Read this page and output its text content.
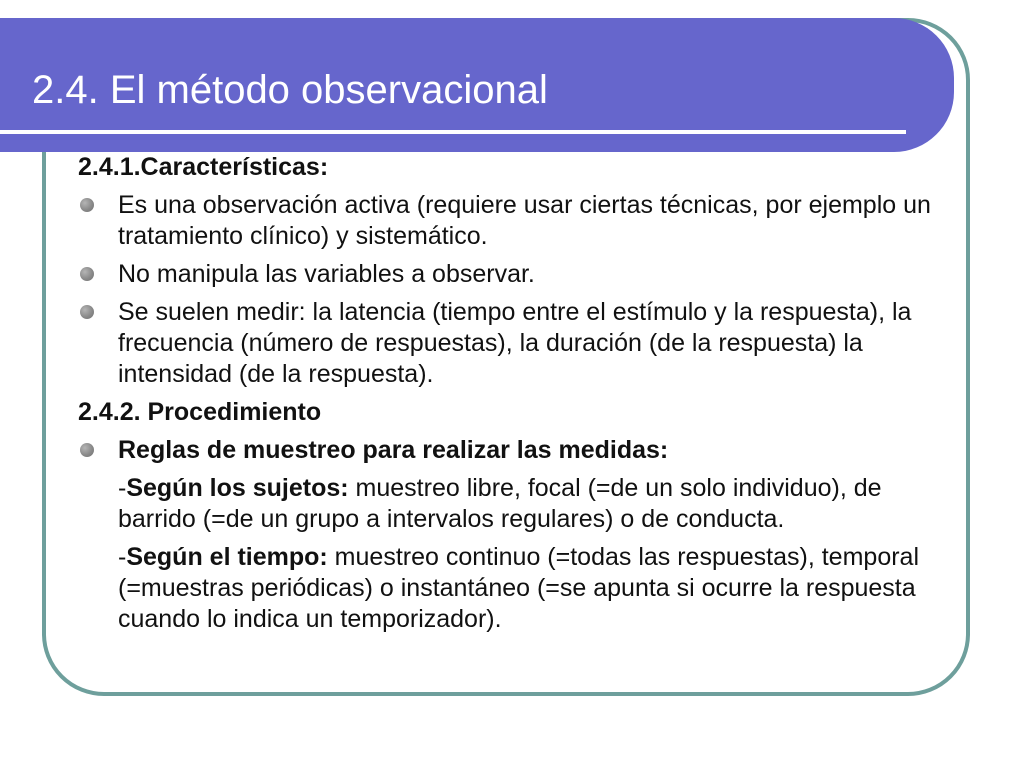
2.4. El método observacional

2.4.1.Características:

Es una observación activa (requiere usar ciertas técnicas, por ejemplo un tratamiento clínico) y sistemático.
No manipula las variables a observar.
Se suelen medir: la latencia (tiempo entre el estímulo y la respuesta), la frecuencia (número de respuestas), la duración (de la respuesta) la intensidad (de la respuesta).

2.4.2. Procedimiento

Reglas de muestreo para realizar las medidas:
-Según los sujetos: muestreo libre, focal (=de un solo individuo), de barrido (=de un grupo a intervalos regulares) o de conducta.
-Según el tiempo: muestreo continuo (=todas las respuestas), temporal (=muestras periódicas) o instantáneo (=se apunta si ocurre la respuesta cuando lo indica un temporizador).
